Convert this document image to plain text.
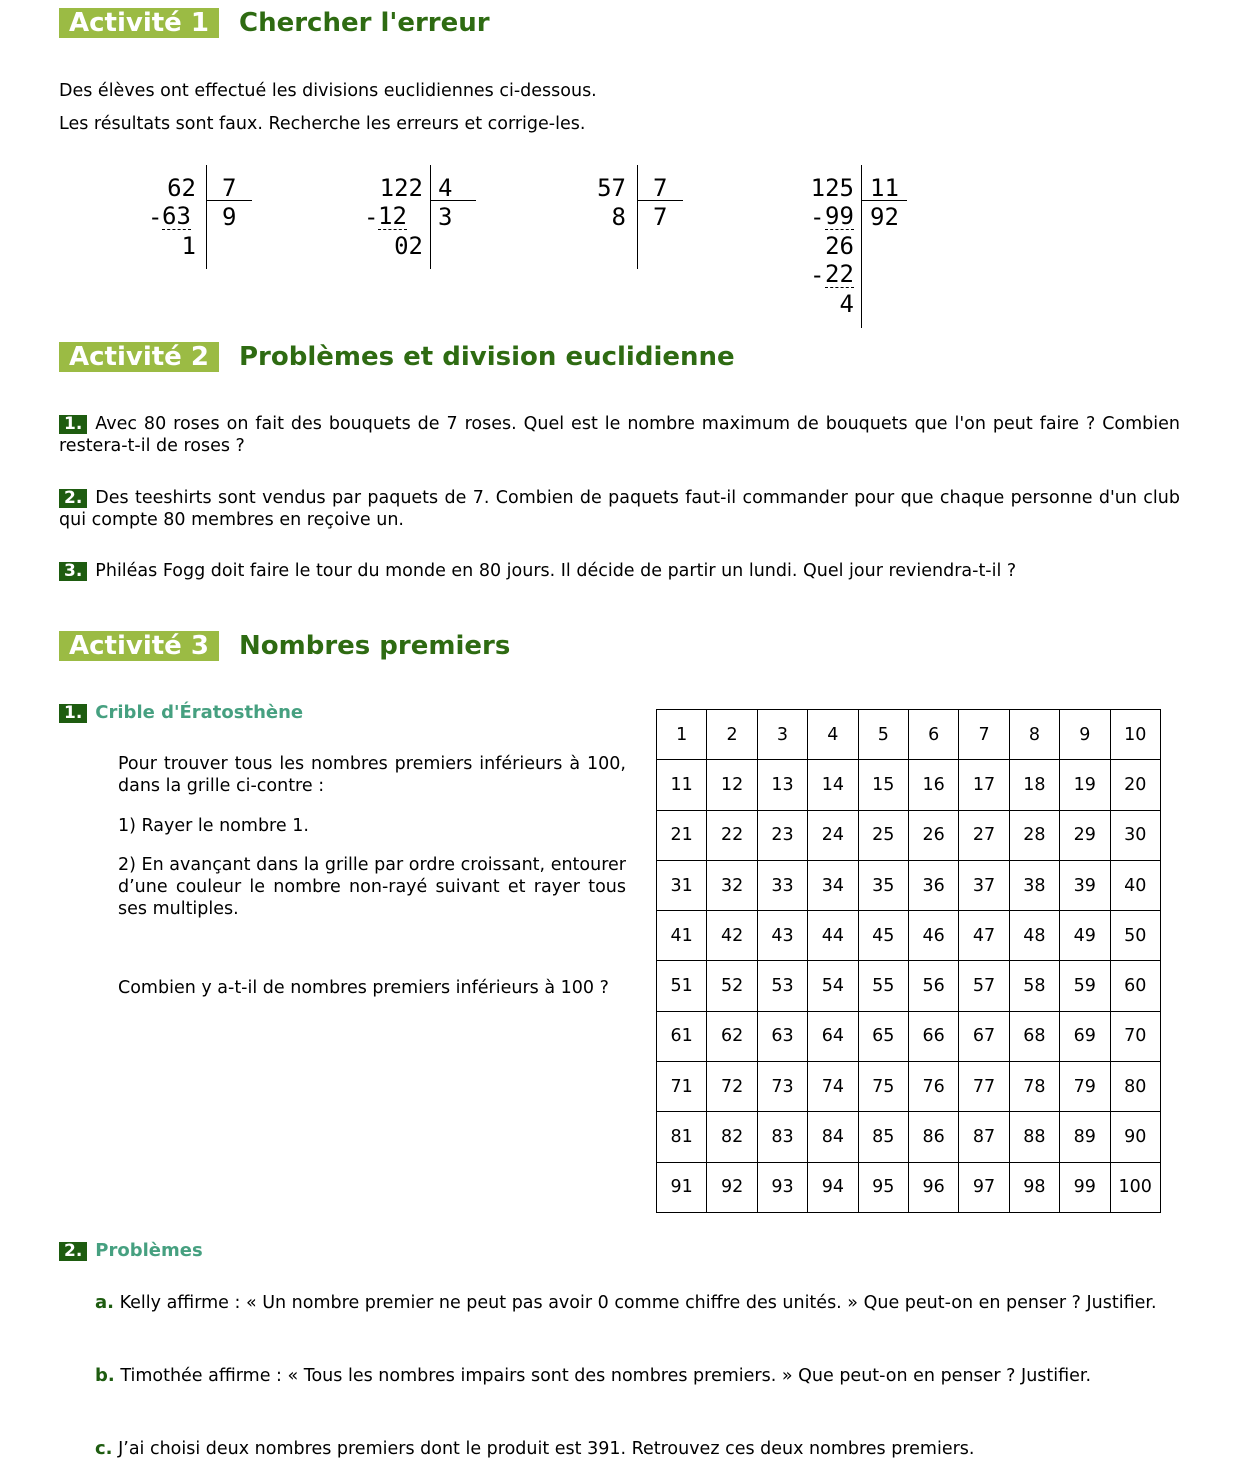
Activité 1	Chercher l'erreur
Des élèves ont effectué les divisions euclidiennes ci-dessous.
Les résultats sont faux. Recherche les erreurs et corrige-les.
62
- 63
1
7
9
122
- 12
02
4
3
57
8
7
7
125
- 99
26
- 22
4
11
92
Activité 2	Problèmes et division euclidienne
1. Avec 80 roses on fait des bouquets de 7 roses. Quel est le nombre maximum de bouquets que l'on peut faire ? Combien restera-t-il de roses ?
2. Des teeshirts sont vendus par paquets de 7. Combien de paquets faut-il commander pour que chaque personne d'un club qui compte 80 membres en reçoive un.
3. Philéas Fogg doit faire le tour du monde en 80 jours. Il décide de partir un lundi. Quel jour reviendra-t-il ?
Activité 3	Nombres premiers
1. Crible d'Ératosthène
Pour trouver tous les nombres premiers inférieurs à 100, dans la grille ci-contre :
1) Rayer le nombre 1.
2) En avançant dans la grille par ordre croissant, entourer d’une couleur le nombre non-rayé suivant et rayer tous ses multiples.
Combien y a-t-il de nombres premiers inférieurs à 100 ?
1	2	3	4	5	6	7	8	9	10
11	12	13	14	15	16	17	18	19	20
21	22	23	24	25	26	27	28	29	30
31	32	33	34	35	36	37	38	39	40
41	42	43	44	45	46	47	48	49	50
51	52	53	54	55	56	57	58	59	60
61	62	63	64	65	66	67	68	69	70
71	72	73	74	75	76	77	78	79	80
81	82	83	84	85	86	87	88	89	90
91	92	93	94	95	96	97	98	99	100
2. Problèmes
a. Kelly affirme : « Un nombre premier ne peut pas avoir 0 comme chiffre des unités. » Que peut-on en penser ? Justifier.
b. Timothée affirme : « Tous les nombres impairs sont des nombres premiers. » Que peut-on en penser ? Justifier.
c. J’ai choisi deux nombres premiers dont le produit est 391. Retrouvez ces deux nombres premiers.
